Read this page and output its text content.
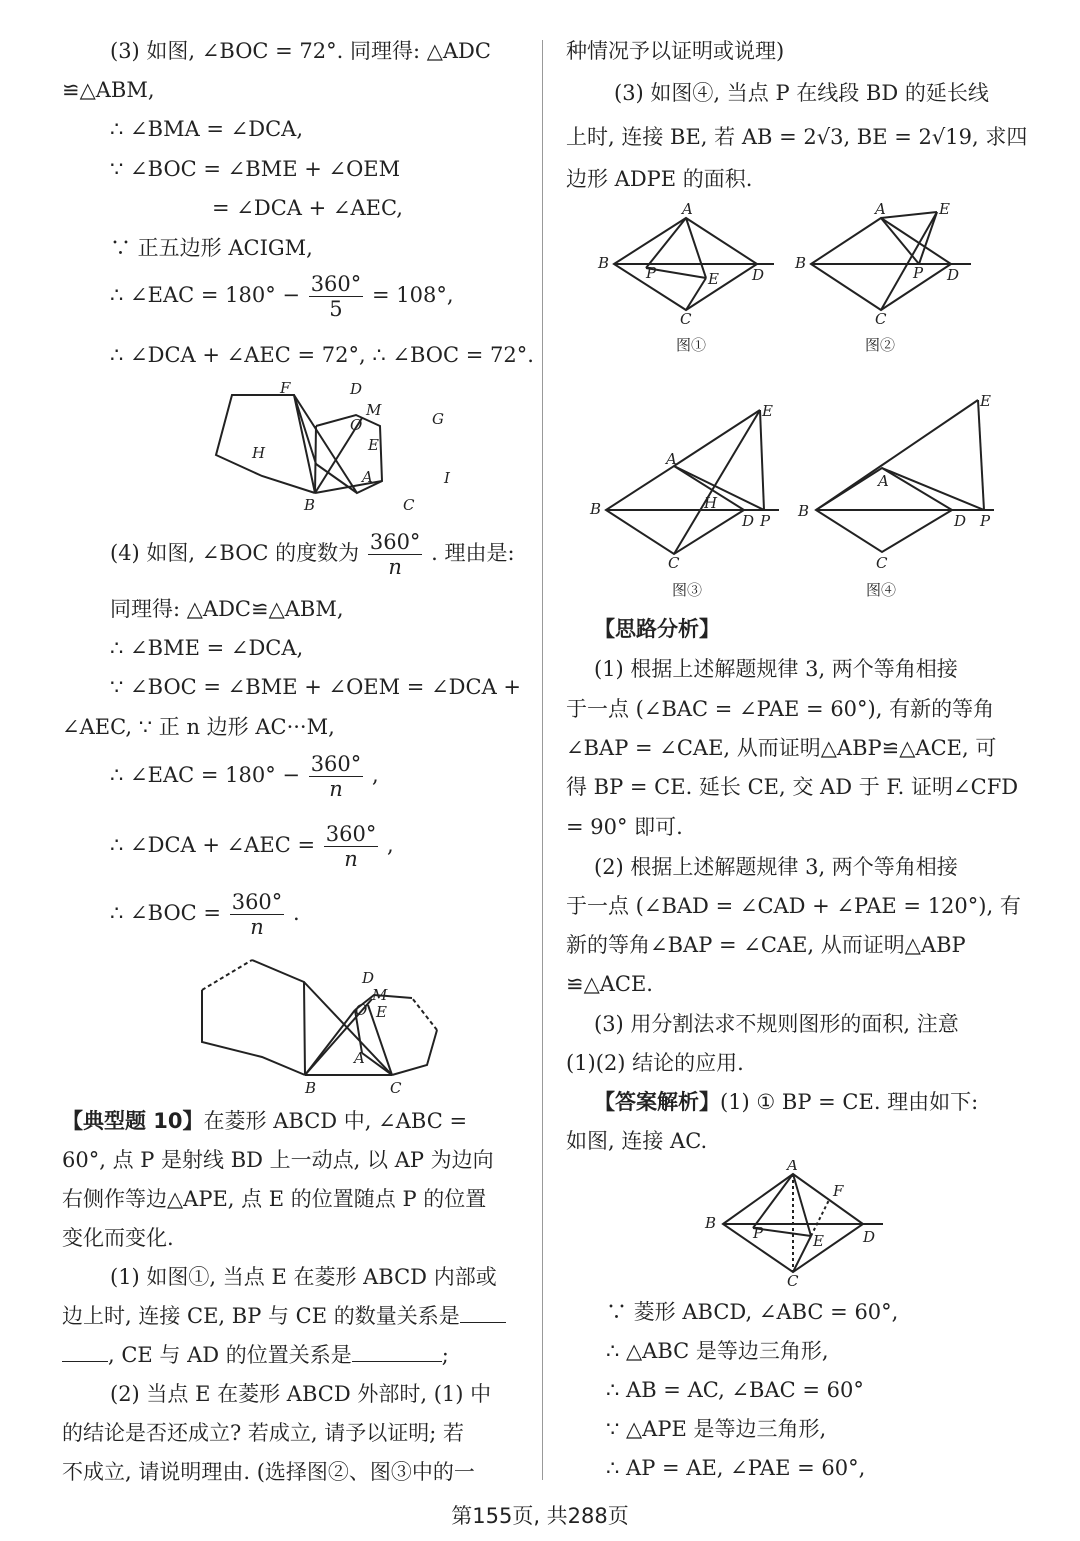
(3) 如图, ∠BOC = 72°. 同理得: △ADC
≌△ABM,
∴ ∠BMA = ∠DCA,
∵ ∠BOC = ∠BME + ∠OEM
= ∠DCA + ∠AEC,
∵ 正五边形 ACIGM,
∴ ∠EAC = $180^\circ - \frac{360^\circ}{5} = 108^\circ$,
∴ ∠DCA + ∠AEC = 72°, ∴ ∠BOC = 72°.
F	D
O
M	G
H	E
A	I
B	C
(4) 如图, ∠BOC 的度数为 $\frac{360^\circ}{n}$ . 理由是:
同理得: △ADC≌△ABM,
∴ ∠BME = ∠DCA,
∵ ∠BOC = ∠BME + ∠OEM = ∠DCA +
∠AEC, ∵ 正 n 边形 AC···M,
∴ ∠EAC = $180^\circ - \frac{360^\circ}{n}$ ,
∴ ∠DCA + ∠AEC = $\frac{360^\circ}{n}$ ,
∴ ∠BOC = $\frac{360^\circ}{n}$ .
D
M
O E
A
B	C
【典型题 10】在菱形 ABCD 中, ∠ABC =
60°, 点 P 是射线 BD 上一动点, 以 AP 为边向
右侧作等边△APE, 点 E 的位置随点 P 的位置
变化而变化.
(1) 如图①, 当点 E 在菱形 ABCD 内部或
边上时, 连接 CE, BP 与 CE 的数量关系是
, CE 与 AD 的位置关系是	;
(2) 当点 E 在菱形 ABCD 外部时, (1) 中
的结论是否还成立? 若成立, 请予以证明; 若
不成立, 请说明理由. (选择图②、图③中的一
种情况予以证明或说理)
(3) 如图④, 当点 P 在线段 BD 的延长线
上时, 连接 BE, 若 AB = 2√3, BE = 2√19, 求四
边形 ADPE 的面积.
A
B
P	E D
C
图①
A	E
B
P D
C
图②
A
E
B	H
D P
C
图③
A
E
B
D P
C
图④
【思路分析】
(1) 根据上述解题规律 3, 两个等角相接
于一点 (∠BAC = ∠PAE = 60°), 有新的等角
∠BAP = ∠CAE, 从而证明△ABP≌△ACE, 可
得 BP = CE. 延长 CE, 交 AD 于 F. 证明∠CFD
= 90° 即可.
(2) 根据上述解题规律 3, 两个等角相接
于一点 (∠BAD = ∠CAD + ∠PAE = 120°), 有
新的等角∠BAP = ∠CAE, 从而证明△ABP
≌△ACE.
(3) 用分割法求不规则图形的面积, 注意
(1)(2) 结论的应用.
【答案解析】(1) ① BP = CE. 理由如下:
如图, 连接 AC.
A
F
B
P	E	D
C
∵ 菱形 ABCD, ∠ABC = 60°,
∴ △ABC 是等边三角形,
∴ AB = AC, ∠BAC = 60°
∵ △APE 是等边三角形,
∴ AP = AE, ∠PAE = 60°,
第155页, 共288页
